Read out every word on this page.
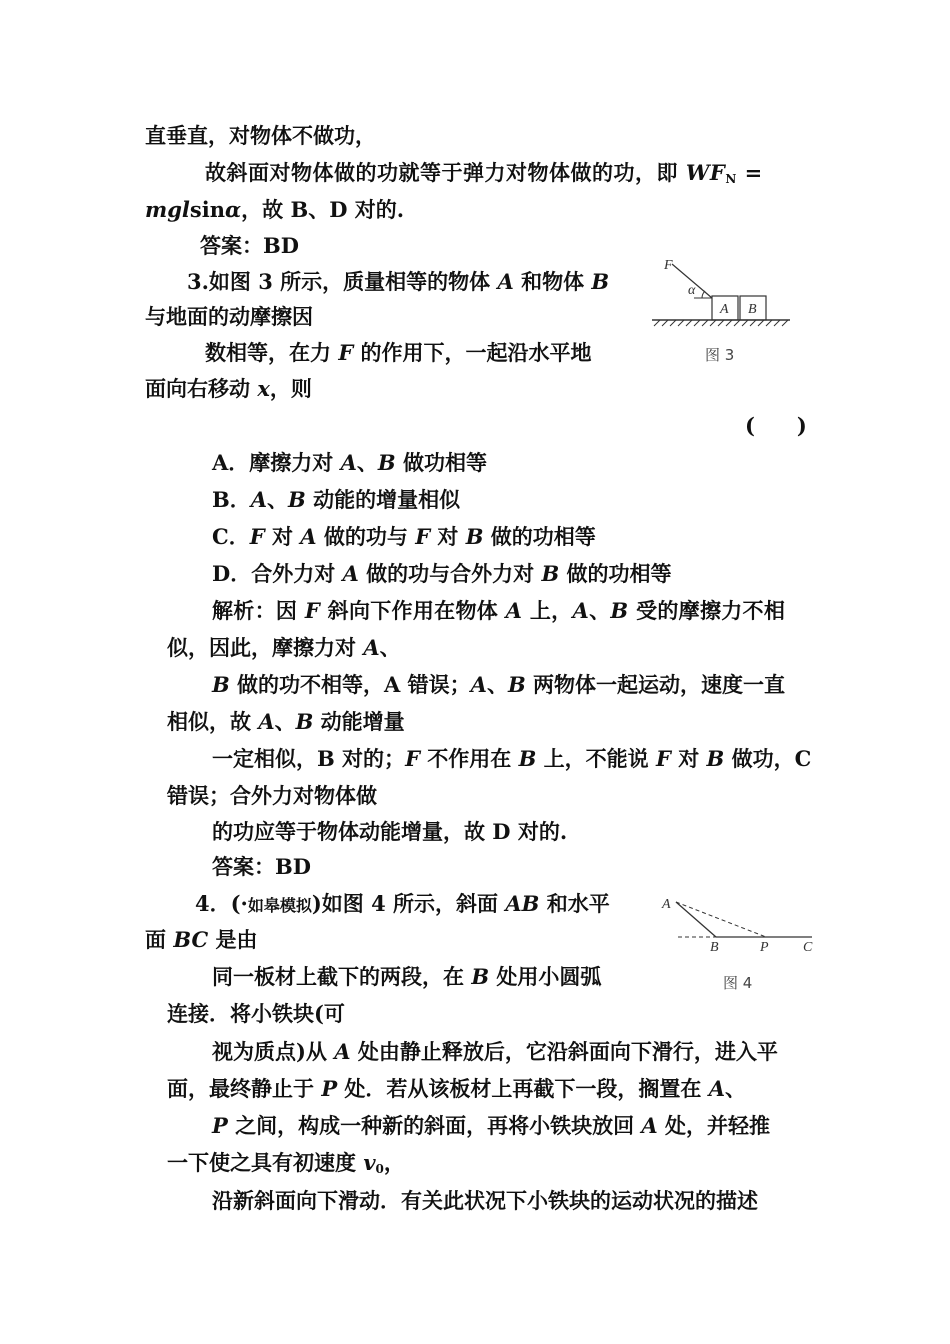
直垂直，对物体不做功，
故斜面对物体做的功就等于弹力对物体做的功，即 $WF_N$ =
mglsinα，故 B、D 对的.
答案：BD
3.如图 3 所示，质量相等的物体 A 和物体 B
与地面的动摩擦因
数相等，在力 F 的作用下，一起沿水平地
面向右移动 x，则
(　　)
A．摩擦力对 A、B 做功相等
B．A、B 动能的增量相似
C．F 对 A 做的功与 F 对 B 做的功相等
D．合外力对 A 做的功与合外力对 B 做的功相等
解析：因 F 斜向下作用在物体 A 上，A、B 受的摩擦力不相
似，因此，摩擦力对 A、
B 做的功不相等，A 错误；A、B 两物体一起运动，速度一直
相似，故 A、B 动能增量
一定相似，B 对的；F 不作用在 B 上，不能说 F 对 B 做功，C
错误；合外力对物体做
的功应等于物体动能增量，故 D 对的.
答案：BD
4．(·如皋模拟)如图 4 所示，斜面 AB 和水平
面 BC 是由
同一板材上截下的两段，在 B 处用小圆弧
连接．将小铁块(可
视为质点)从 A 处由静止释放后，它沿斜面向下滑行，进入平
面，最终静止于 P 处．若从该板材上再截下一段，搁置在 A、
P 之间，构成一种新的斜面，再将小铁块放回 A 处，并轻推
一下使之具有初速度 $v_0$，
沿新斜面向下滑动．有关此状况下小铁块的运动状况的描述
F
α
A B
图 3
A
B	P C
图 4
